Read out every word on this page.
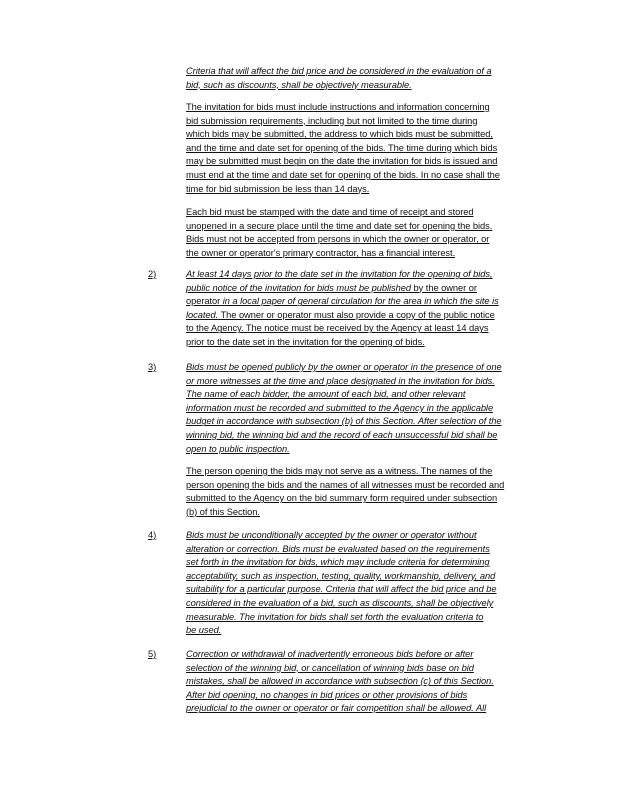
Criteria that will affect the bid price and be considered in the evaluation of a
bid, such as discounts, shall be objectively measurable.

The invitation for bids must include instructions and information concerning
bid submission requirements, including but not limited to the time during
which bids may be submitted, the address to which bids must be submitted,
and the time and date set for opening of the bids. The time during which bids
may be submitted must begin on the date the invitation for bids is issued and
must end at the time and date set for opening of the bids. In no case shall the
time for bid submission be less than 14 days.

Each bid must be stamped with the date and time of receipt and stored
unopened in a secure place until the time and date set for opening the bids.
Bids must not be accepted from persons in which the owner or operator, or
the owner or operator's primary contractor, has a financial interest.

2)	At least 14 days prior to the date set in the invitation for the opening of bids,
public notice of the invitation for bids must be published by the owner or
operator in a local paper of general circulation for the area in which the site is
located. The owner or operator must also provide a copy of the public notice
to the Agency. The notice must be received by the Agency at least 14 days
prior to the date set in the invitation for the opening of bids.

3)	Bids must be opened publicly by the owner or operator in the presence of one
or more witnesses at the time and place designated in the invitation for bids.
The name of each bidder, the amount of each bid, and other relevant
information must be recorded and submitted to the Agency in the applicable
budget in accordance with subsection (b) of this Section. After selection of the
winning bid, the winning bid and the record of each unsuccessful bid shall be
open to public inspection.

The person opening the bids may not serve as a witness. The names of the
person opening the bids and the names of all witnesses must be recorded and
submitted to the Agency on the bid summary form required under subsection
(b) of this Section.

4)	Bids must be unconditionally accepted by the owner or operator without
alteration or correction. Bids must be evaluated based on the requirements
set forth in the invitation for bids, which may include criteria for determining
acceptability, such as inspection, testing, quality, workmanship, delivery, and
suitability for a particular purpose. Criteria that will affect the bid price and be
considered in the evaluation of a bid, such as discounts, shall be objectively
measurable. The invitation for bids shall set forth the evaluation criteria to
be used.

5)	Correction or withdrawal of inadvertently erroneous bids before or after
selection of the winning bid, or cancellation of winning bids base on bid
mistakes, shall be allowed in accordance with subsection (c) of this Section.
After bid opening, no changes in bid prices or other provisions of bids
prejudicial to the owner or operator or fair competition shall be allowed. All
